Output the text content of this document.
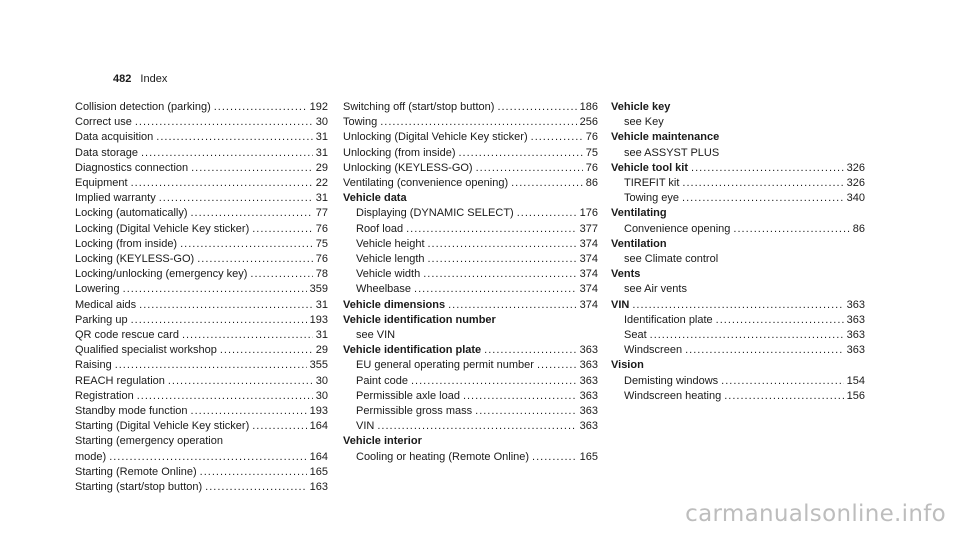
482 Index
Collision detection (parking) .....	192
Correct use .....	30
Data acquisition .....	31
Data storage .....	31
Diagnostics connection .....	29
Equipment .....	22
Implied warranty .....	31
Locking (automatically) .....	77
Locking (Digital Vehicle Key sticker) .....	76
Locking (from inside) .....	75
Locking (KEYLESS-GO) .....	76
Locking/unlocking (emergency key) .....	78
Lowering .....	359
Medical aids .....	31
Parking up .....	193
QR code rescue card .....	31
Qualified specialist workshop .....	29
Raising .....	355
REACH regulation .....	30
Registration .....	30
Standby mode function .....	193
Starting (Digital Vehicle Key sticker) .....	164
Starting (emergency operation
mode) .....	164
Starting (Remote Online) .....	165
Starting (start/stop button) .....	163
Switching off (start/stop button) .....	186
Towing .....	256
Unlocking (Digital Vehicle Key sticker) .....	76
Unlocking (from inside) .....	75
Unlocking (KEYLESS-GO) .....	76
Ventilating (convenience opening) .....	86
Vehicle data
Displaying (DYNAMIC SELECT) .....	176
Roof load .....	377
Vehicle height .....	374
Vehicle length .....	374
Vehicle width .....	374
Wheelbase .....	374
Vehicle dimensions .....	374
Vehicle identification number
see VIN
Vehicle identification plate .....	363
EU general operating permit number .....	363
Paint code .....	363
Permissible axle load .....	363
Permissible gross mass .....	363
VIN .....	363
Vehicle interior
Cooling or heating (Remote Online) .....	165
Vehicle key
see Key
Vehicle maintenance
see ASSYST PLUS
Vehicle tool kit .....	326
TIREFIT kit .....	326
Towing eye .....	340
Ventilating
Convenience opening .....	86
Ventilation
see Climate control
Vents
see Air vents
VIN .....	363
Identification plate .....	363
Seat .....	363
Windscreen .....	363
Vision
Demisting windows .....	154
Windscreen heating .....	156
carmanualsonline.info
